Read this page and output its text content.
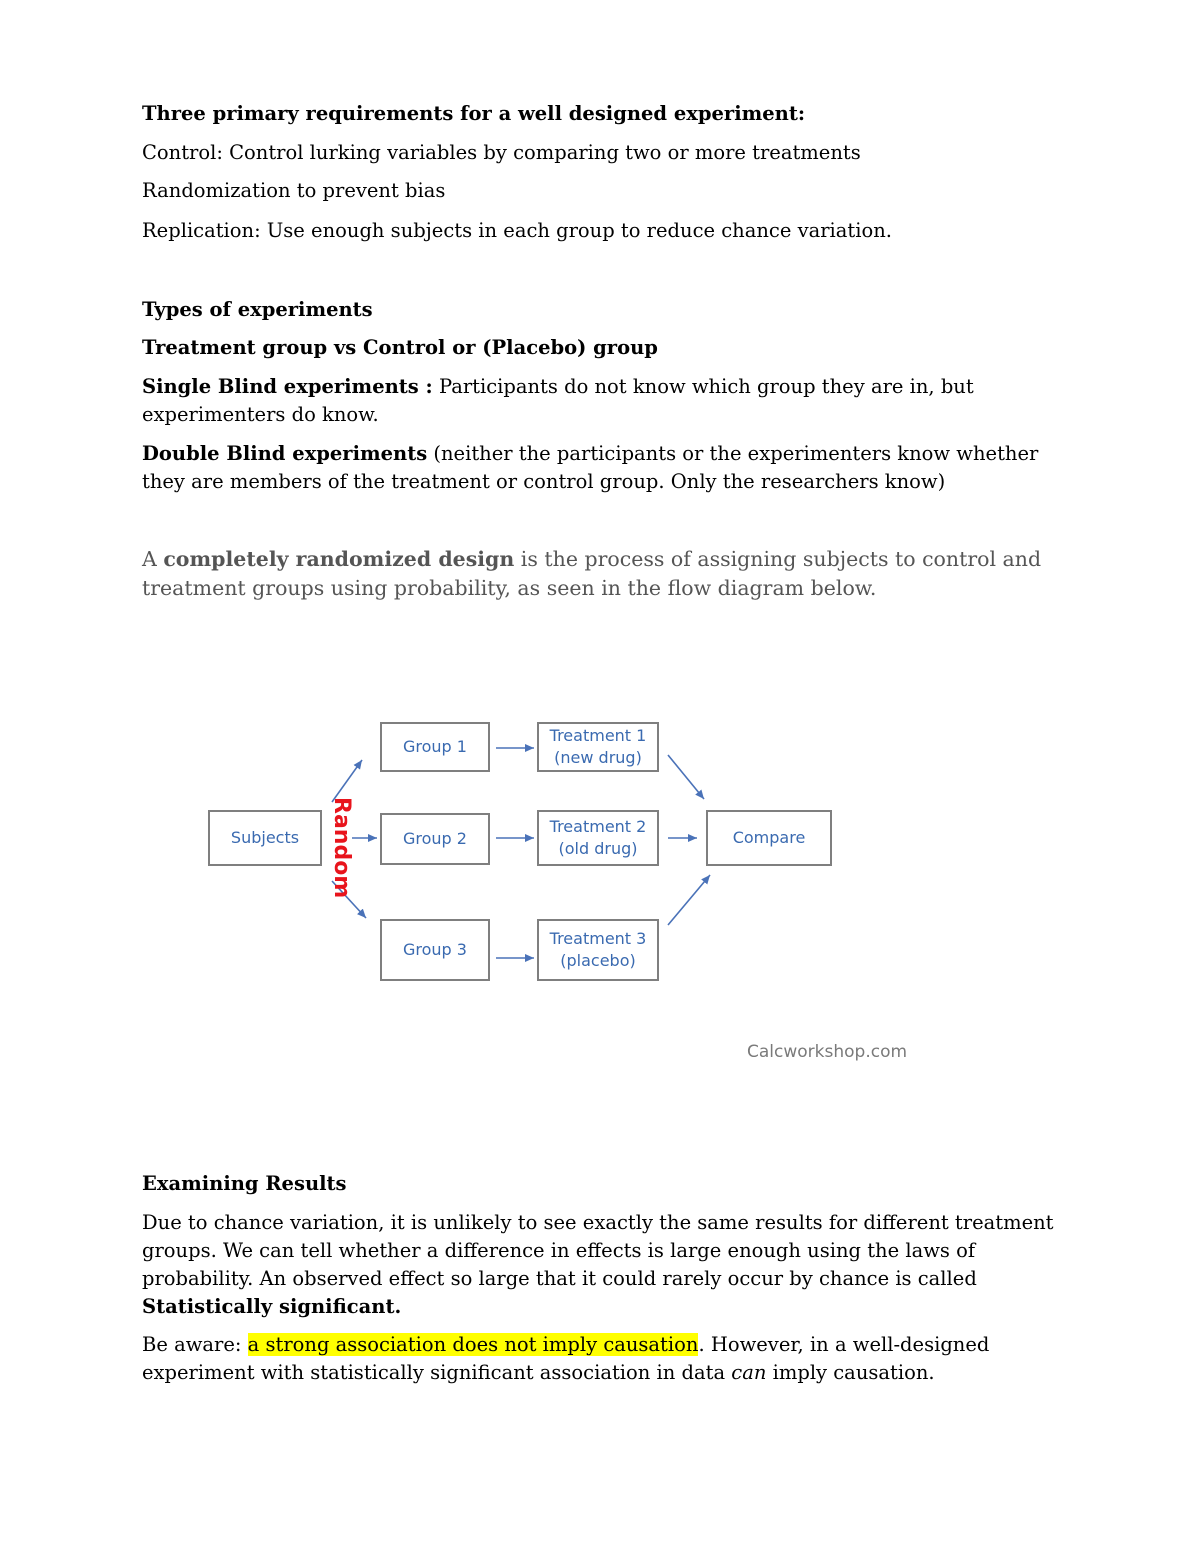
Three primary requirements for a well designed experiment:

Control: Control lurking variables by comparing two or more treatments

Randomization to prevent bias

Replication: Use enough subjects in each group to reduce chance variation.

Types of experiments

Treatment group vs Control or (Placebo) group

Single Blind experiments : Participants do not know which group they are in, but experimenters do know.

Double Blind experiments (neither the participants or the experimenters know whether they are members of the treatment or control group. Only the researchers know)

A completely randomized design is the process of assigning subjects to control and treatment groups using probability, as seen in the flow diagram below.

Subjects Random
Group 1
Group 2
Group 3
Treatment 1
(new drug)
Treatment 2
(old drug)
Treatment 3
(placebo)
Compare
Calcworkshop.com

Examining Results

Due to chance variation, it is unlikely to see exactly the same results for different treatment groups. We can tell whether a difference in effects is large enough using the laws of probability. An observed effect so large that it could rarely occur by chance is called Statistically significant.

Be aware: a strong association does not imply causation. However, in a well-designed experiment with statistically significant association in data can imply causation.
